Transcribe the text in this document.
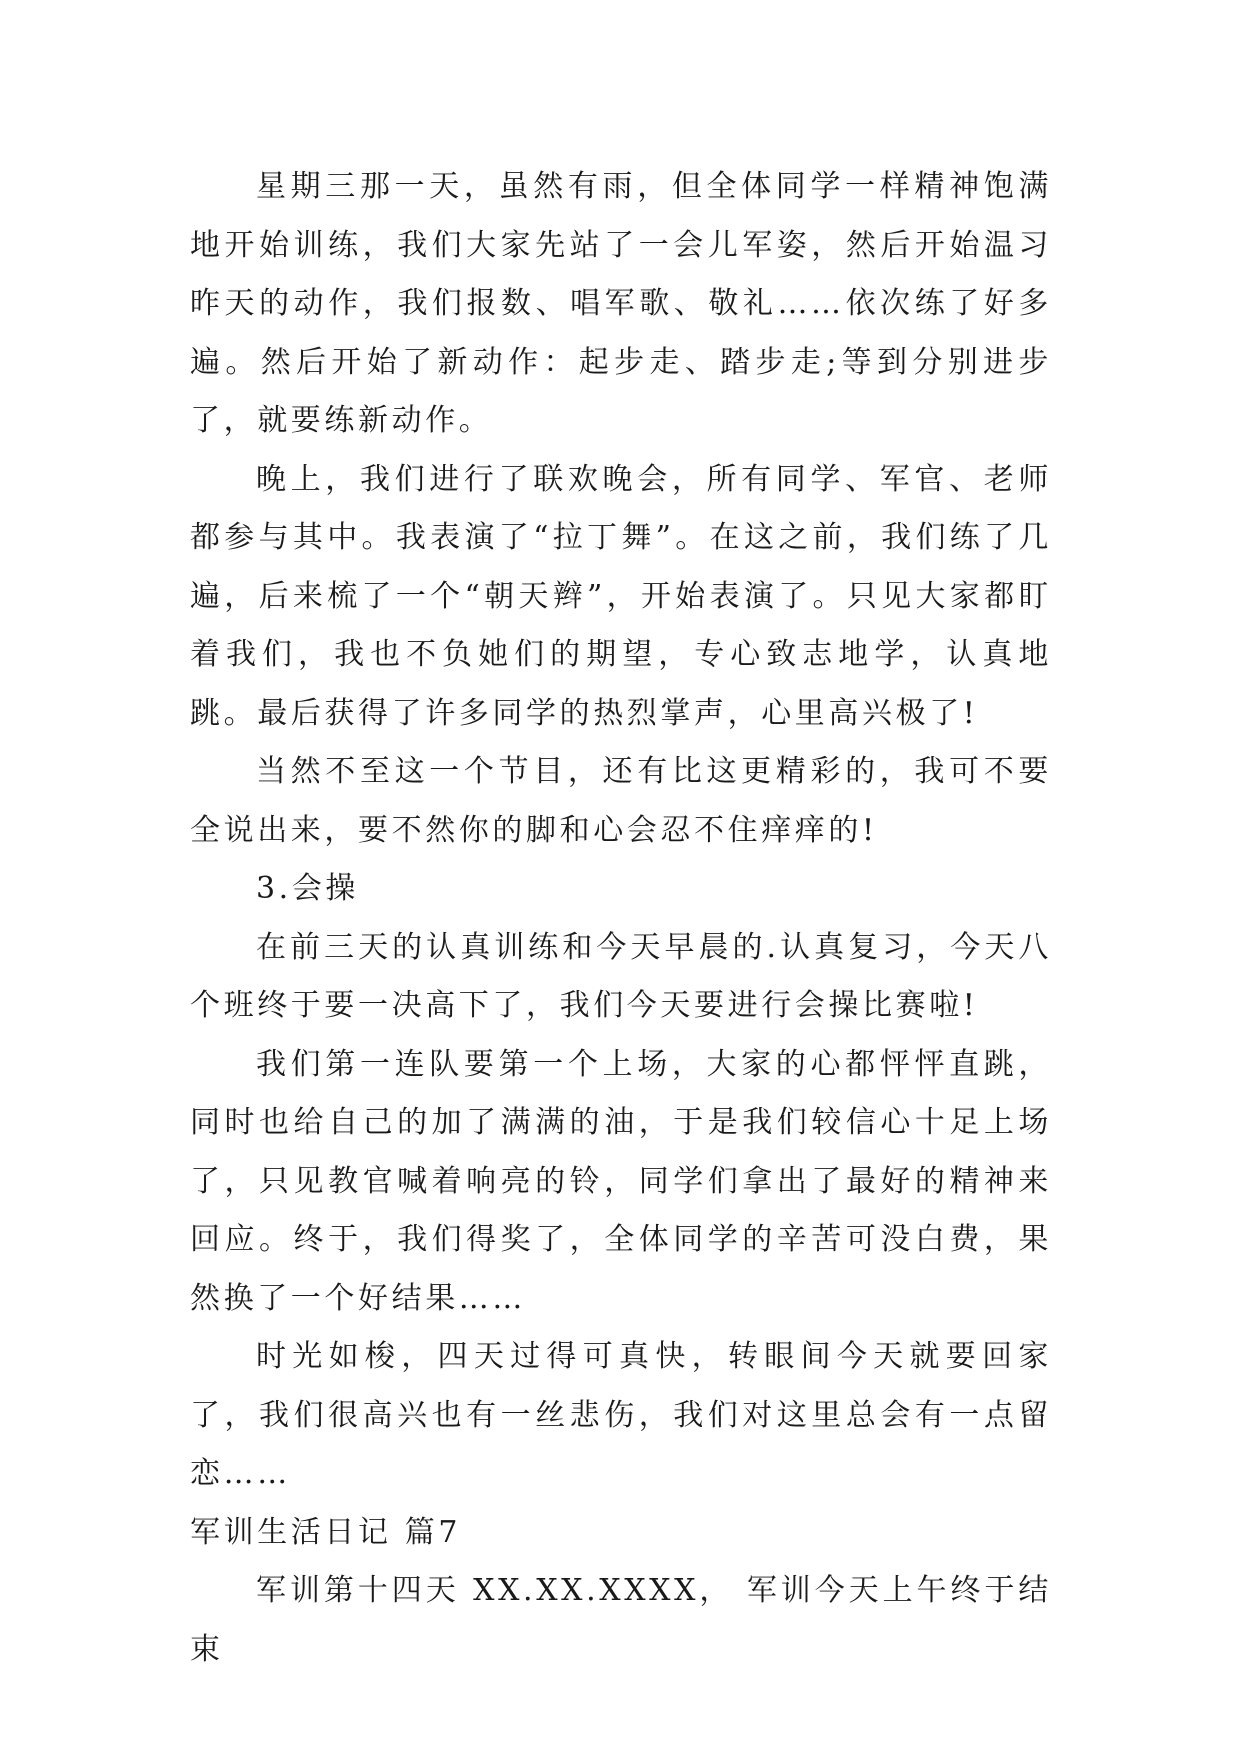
星期三那一天，虽然有雨，但全体同学一样精神饱满地开始训练，我们大家先站了一会儿军姿，然后开始温习昨天的动作，我们报数、唱军歌、敬礼……依次练了好多遍。然后开始了新动作：起步走、踏步走;等到分别进步了，就要练新动作。

晚上，我们进行了联欢晚会，所有同学、军官、老师都参与其中。我表演了“拉丁舞”。在这之前，我们练了几遍，后来梳了一个“朝天辫”，开始表演了。只见大家都盯着我们，我也不负她们的期望，专心致志地学，认真地跳。最后获得了许多同学的热烈掌声，心里高兴极了!

当然不至这一个节目，还有比这更精彩的，我可不要全说出来，要不然你的脚和心会忍不住痒痒的!

3.会操

在前三天的认真训练和今天早晨的.认真复习，今天八个班终于要一决高下了，我们今天要进行会操比赛啦!

我们第一连队要第一个上场，大家的心都怦怦直跳，同时也给自己的加了满满的油，于是我们较信心十足上场了，只见教官喊着响亮的铃，同学们拿出了最好的精神来回应。终于，我们得奖了，全体同学的辛苦可没白费，果然换了一个好结果……

时光如梭，四天过得可真快，转眼间今天就要回家了，我们很高兴也有一丝悲伤，我们对这里总会有一点留恋……

军训生活日记 篇7

军训第十四天 XX.XX.XXXX， 军训今天上午终于结束
